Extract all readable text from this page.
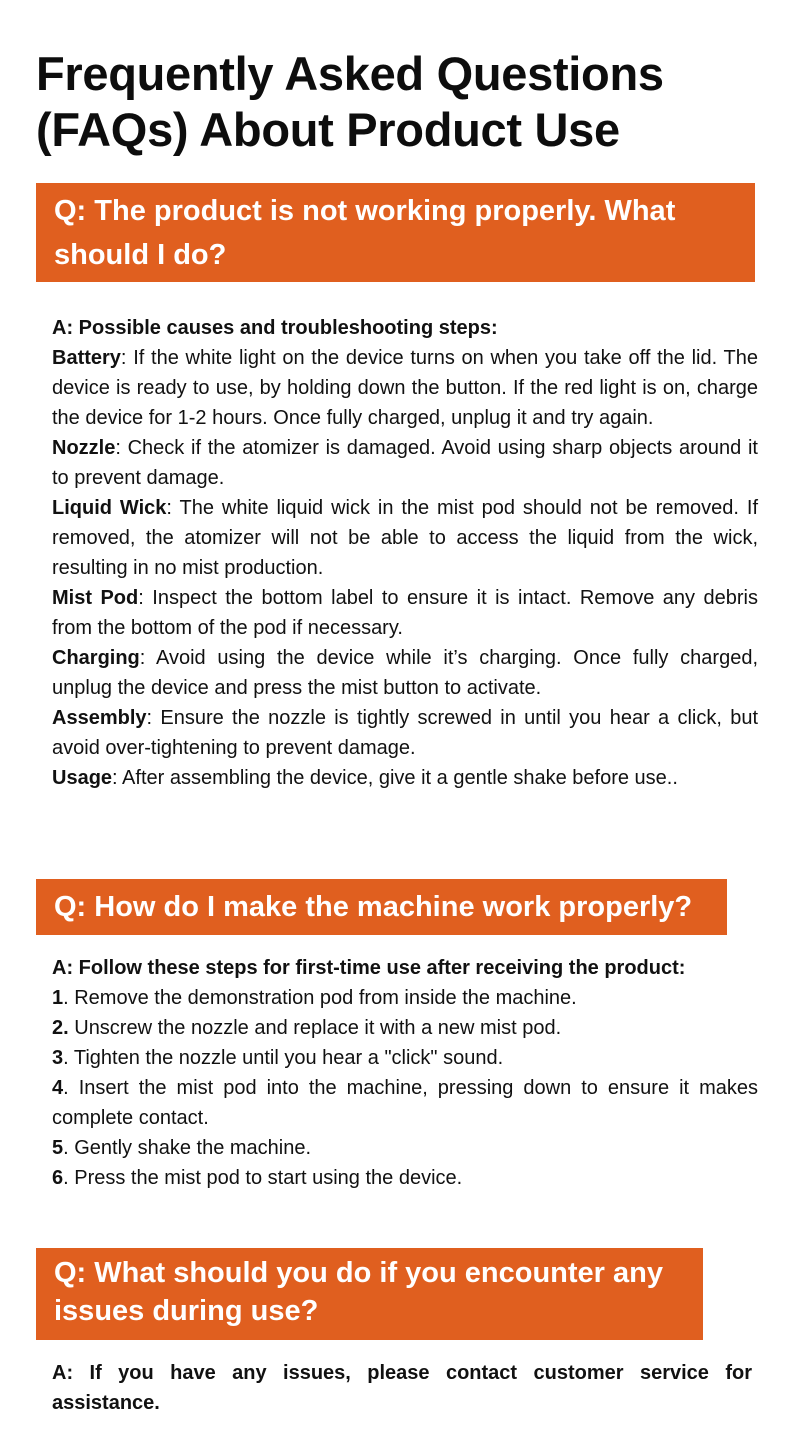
Frequently Asked Questions (FAQs) About Product Use
Q: The product is not working properly. What should I do?

A: Possible causes and troubleshooting steps:

Battery: If the white light on the device turns on when you take off the lid. The device is ready to use, by holding down the button. If the red light is on, charge the device for 1-2 hours. Once fully charged, unplug it and try again.

Nozzle: Check if the atomizer is damaged. Avoid using sharp objects around it to prevent damage.

Liquid Wick: The white liquid wick in the mist pod should not be removed. If removed, the atomizer will not be able to access the liquid from the wick, resulting in no mist production.

Mist Pod: Inspect the bottom label to ensure it is intact. Remove any debris from the bottom of the pod if necessary.

Charging: Avoid using the device while it’s charging. Once fully charged, unplug the device and press the mist button to activate.

Assembly: Ensure the nozzle is tightly screwed in until you hear a click, but avoid over-tightening to prevent damage.

Usage: After assembling the device, give it a gentle shake before use..

Q: How do I make the machine work properly?

A: Follow these steps for first-time use after receiving the product:

1. Remove the demonstration pod from inside the machine.

2. Unscrew the nozzle and replace it with a new mist pod.

3. Tighten the nozzle until you hear a "click" sound.

4. Insert the mist pod into the machine, pressing down to ensure it makes complete contact.

5. Gently shake the machine.

6. Press the mist pod to start using the device.

Q: What should you do if you encounter any issues during use?

A: If you have any issues, please contact customer service for assistance.
